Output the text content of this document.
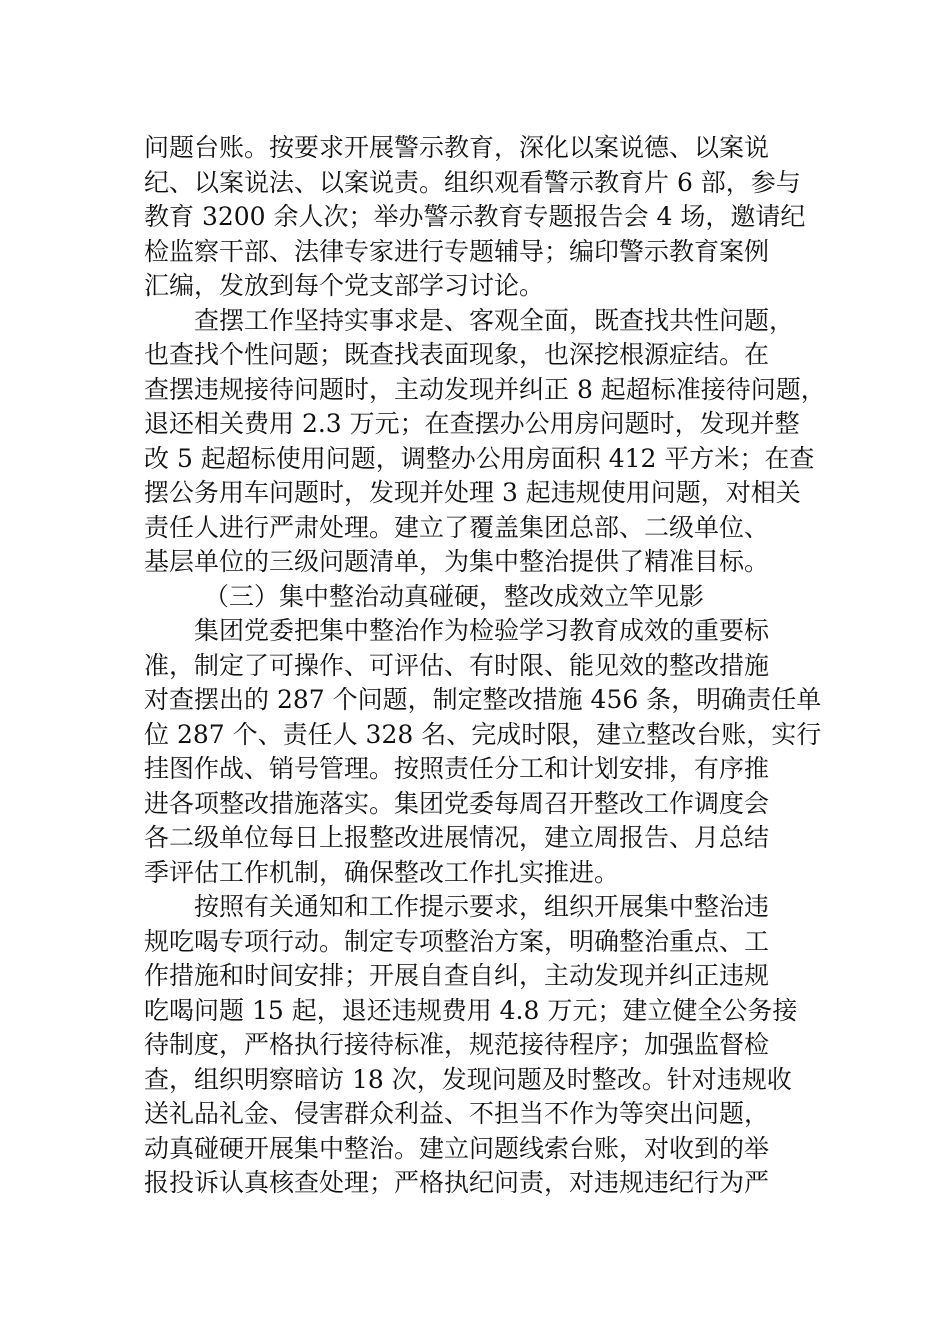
问题台账。按要求开展警示教育，深化以案说德、以案说
纪、以案说法、以案说责。组织观看警示教育片 6 部，参与
教育 3200 余人次；举办警示教育专题报告会 4 场，邀请纪
检监察干部、法律专家进行专题辅导；编印警示教育案例
汇编，发放到每个党支部学习讨论。
查摆工作坚持实事求是、客观全面，既查找共性问题，
也查找个性问题；既查找表面现象，也深挖根源症结。在
查摆违规接待问题时，主动发现并纠正 8 起超标准接待问题，
退还相关费用 2.3 万元；在查摆办公用房问题时，发现并整
改 5 起超标使用问题，调整办公用房面积 412 平方米；在查
摆公务用车问题时，发现并处理 3 起违规使用问题，对相关
责任人进行严肃处理。建立了覆盖集团总部、二级单位、
基层单位的三级问题清单，为集中整治提供了精准目标。
（三）集中整治动真碰硬，整改成效立竿见影
集团党委把集中整治作为检验学习教育成效的重要标
准，制定了可操作、可评估、有时限、能见效的整改措施
对查摆出的 287 个问题，制定整改措施 456 条，明确责任单
位 287 个、责任人 328 名、完成时限，建立整改台账，实行
挂图作战、销号管理。按照责任分工和计划安排，有序推
进各项整改措施落实。集团党委每周召开整改工作调度会
各二级单位每日上报整改进展情况，建立周报告、月总结
季评估工作机制，确保整改工作扎实推进。
按照有关通知和工作提示要求，组织开展集中整治违
规吃喝专项行动。制定专项整治方案，明确整治重点、工
作措施和时间安排；开展自查自纠，主动发现并纠正违规
吃喝问题 15 起，退还违规费用 4.8 万元；建立健全公务接
待制度，严格执行接待标准，规范接待程序；加强监督检
查，组织明察暗访 18 次，发现问题及时整改。针对违规收
送礼品礼金、侵害群众利益、不担当不作为等突出问题，
动真碰硬开展集中整治。建立问题线索台账，对收到的举
报投诉认真核查处理；严格执纪问责，对违规违纪行为严
